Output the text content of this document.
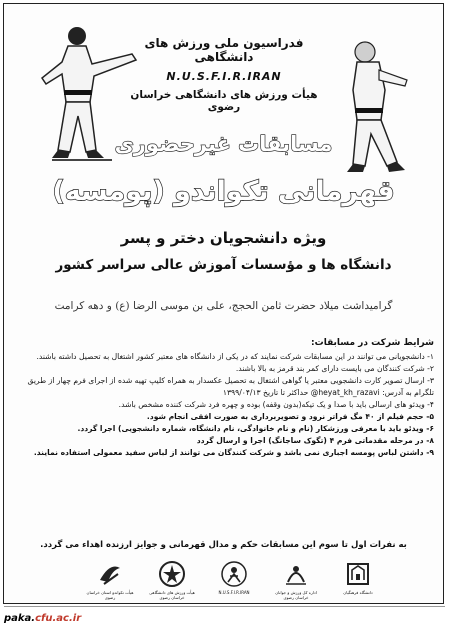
فدراسیون ملی ورزش های دانشگاهی
N.U.S.F.I.R.IRAN
هیأت ورزش های دانشگاهی خراسان رضوی
مسابقات غیرحضوری
قهرمانی تکواندو (پومسه)
ویژه دانشجویان دختر و پسر
دانشگاه ها و مؤسسات آموزش عالی سراسر کشور
گرامیداشت میلاد حضرت ثامن الحجج، علی بن موسی الرضا (ع) و دهه کرامت
شرایط شرکت در مسابقات:
۱- دانشجویانی می توانند در این مسابقات شرکت نمایند که در یکی از دانشگاه های معتبر کشور اشتغال به تحصیل داشته باشند.
۲- شرکت کنندگان می بایست دارای کمر بند قرمز به بالا باشند.
۳- ارسال تصویر کارت دانشجویی معتبر یا گواهی اشتغال به تحصیل عکسدار به همراه کلیپ تهیه شده از اجرای فرم چهار از طریق تلگرام به آدرس: heyat_kh_razavi@ حداکثر تا تاریخ ۱۳۹۹/۰۴/۱۳
۴- ویدئو های ارسالی باید با صدا و یک تیکه(بدون وقفه) بوده و چهره فرد شرکت کننده مشخص باشد.
۵- حجم فیلم از ۴۰ مگ فراتر نرود و تصویربرداری به صورت افقی انجام شود.
۶- ویدئو باید با معرفی ورزشکار (نام و نام خانوادگی، نام دانشگاه، شماره دانشجویی) اجرا گردد.
۸- در مرحله مقدماتی فرم ۴ (تگوک ساجانگ) اجرا و ارسال گردد
۹- داشتن لباس پومسه اجباری نمی باشد و شرکت کنندگان می توانند از لباس سفید معمولی استفاده نمایند.
به نفرات اول تا سوم این مسابقات حکم و مدال قهرمانی و جوایز ارزنده اهداء می گردد.
هیأت تکواندو استان خراسان رضوی
هیأت ورزش های دانشگاهی خراسان رضوی
N.U.S.F.I.R.IRAN	اداره کل ورزش و جوانان خراسان رضوی
دانشگاه فرهنگیان
paka. cfu.ac.ir
